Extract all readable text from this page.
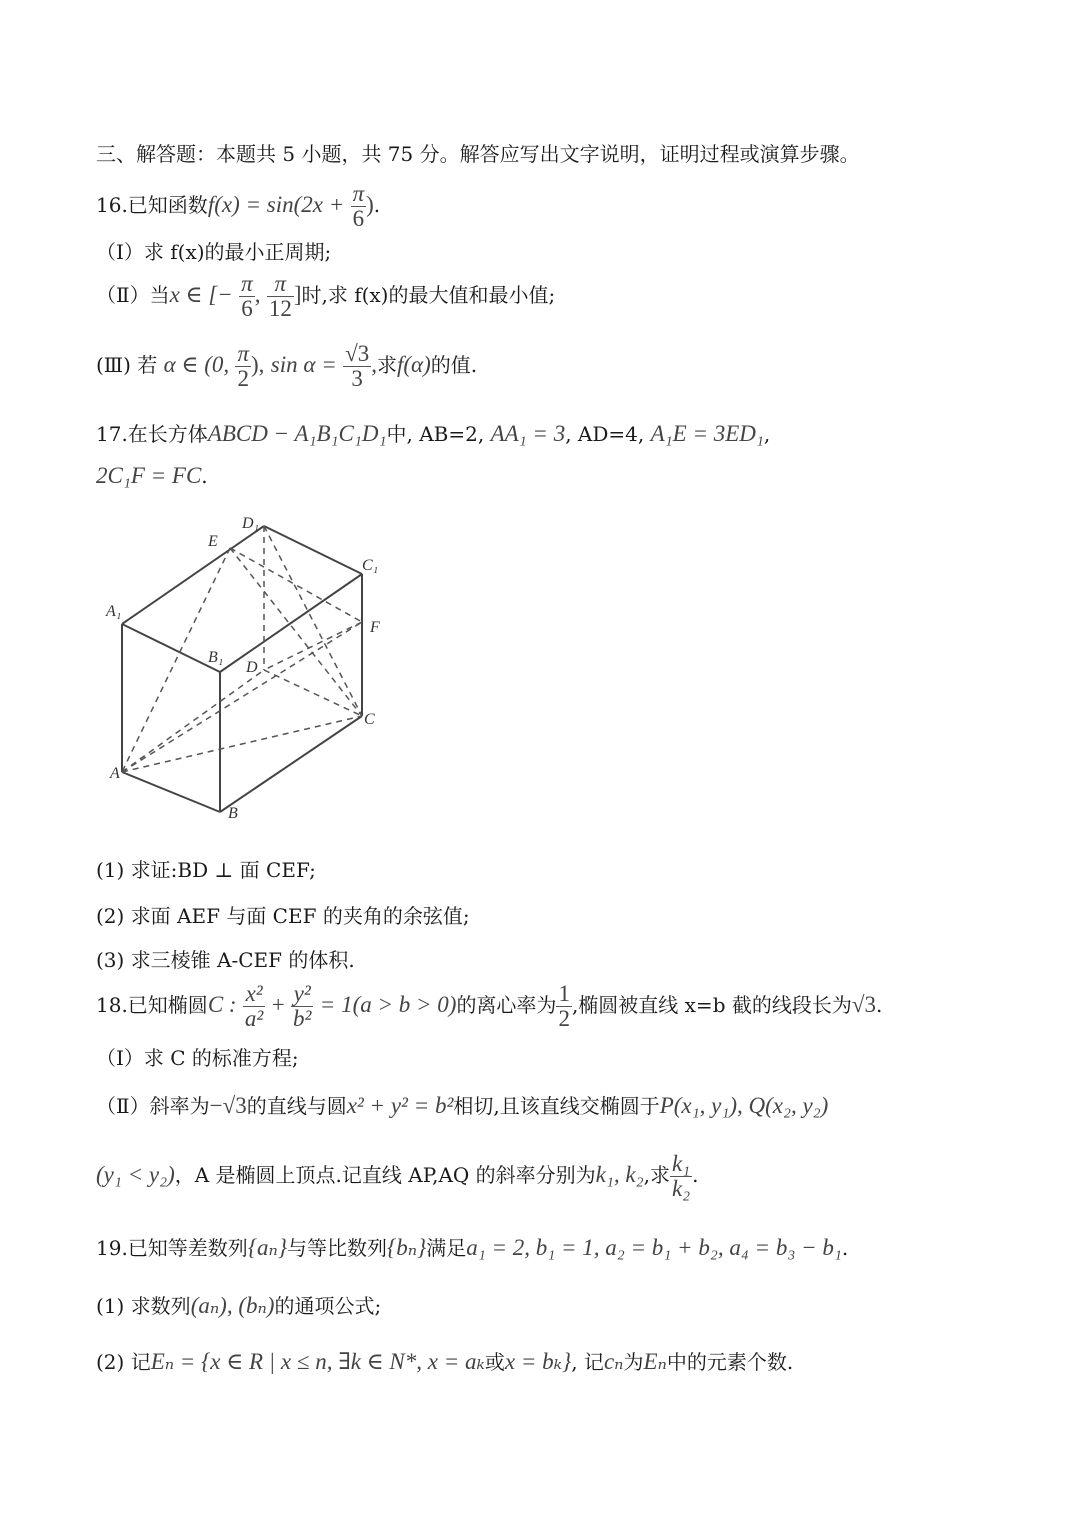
三、解答题：本题共 5 小题，共 75 分。解答应写出文字说明，证明过程或演算步骤。
16.已知函数$f(x) = \sin(2x + \frac{\pi}{6}$ ).
（Ⅰ）求 f(x)的最小正周期;
（Ⅱ）当x ∈ [− $\frac{\pi}{6}$ , $\frac{\pi}{12}$ ]时,求 f(x)的最大值和最小值;
(Ⅲ) 若 α ∈ (0, $\frac{\pi}{2}$ ), $\sin \alpha = \frac{√3}{3}$ ,求f(α)的值.
17.在长方体ABCD − A₁B₁C₁D₁中, AB=2, AA₁ = 3, AD=4, A₁E = 3ED₁,
2C₁F = FC.
D₁
E
C₁
A₁
F
B₁
D
C
A
B
(1) 求证:BD ⊥ 面 CEF;
(2) 求面 AEF 与面 CEF 的夹角的余弦值;
(3) 求三棱锥 A-CEF 的体积.
18.已知椭圆C : $\frac{\text{x²}}{\text{a²}} + \frac{\text{y²}}{\text{b²}} = 1(a > b > 0)$的离心率为 $\frac{1}{2}$ ,椭圆被直线 x=b 截的线段长为√3.
（Ⅰ）求 C 的标准方程;
（Ⅱ）斜率为−√3的直线与圆x² + y² = b²相切,且该直线交椭圆于P(x₁, y₁), Q(x₂, y₂)
(y₁ < y₂)，A 是椭圆上顶点.记直线 AP,AQ 的斜率分别为k₁, k₂,求 $\frac{\text{k₁}}{\text{k₂}}$ .
19.已知等差数列{aₙ}与等比数列{bₙ}满足a₁ = 2, b₁ = 1, a₂ = b₁ + b₂, a₄ = b₃ − b₁.
(1) 求数列(aₙ), (bₙ)的通项公式;
(2) 记Eₙ = {x ∈ R | x ≤ n, ∃k ∈ N*, x = aₖ或x = bₖ}, 记cₙ为Eₙ中的元素个数.
